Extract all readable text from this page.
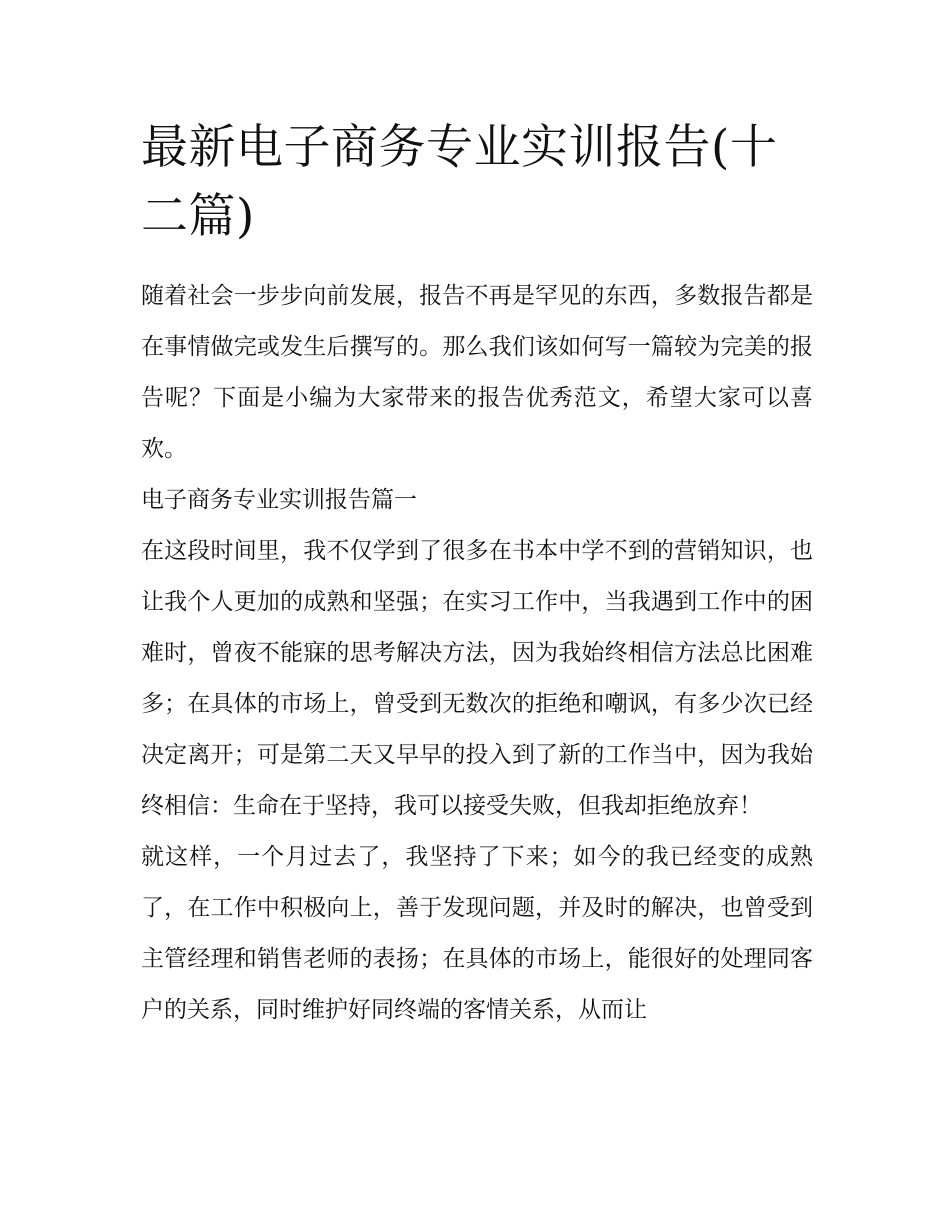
最新电子商务专业实训报告(十二篇)

随着社会一步步向前发展，报告不再是罕见的东西，多数报告都是在事情做完或发生后撰写的。那么我们该如何写一篇较为完美的报告呢？下面是小编为大家带来的报告优秀范文，希望大家可以喜欢。

电子商务专业实训报告篇一

在这段时间里，我不仅学到了很多在书本中学不到的营销知识，也让我个人更加的成熟和坚强；在实习工作中，当我遇到工作中的困难时，曾夜不能寐的思考解决方法，因为我始终相信方法总比困难多；在具体的市场上，曾受到无数次的拒绝和嘲讽，有多少次已经决定离开；可是第二天又早早的投入到了新的工作当中，因为我始终相信：生命在于坚持，我可以接受失败，但我却拒绝放弃！

就这样，一个月过去了，我坚持了下来；如今的我已经变的成熟了，在工作中积极向上，善于发现问题，并及时的解决，也曾受到主管经理和销售老师的表扬；在具体的市场上，能很好的处理同客户的关系，同时维护好同终端的客情关系，从而让
